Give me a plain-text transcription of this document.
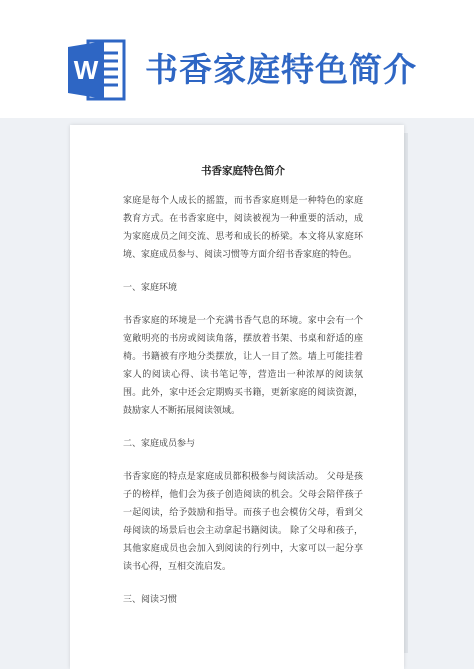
W 书香家庭特色简介
书香家庭特色简介
家庭是每个人成长的摇篮，而书香家庭则是一种特色的家庭教育方式。在书香家庭中，阅读被视为一种重要的活动，成为家庭成员之间交流、思考和成长的桥梁。本文将从家庭环境、家庭成员参与、阅读习惯等方面介绍书香家庭的特色。
一、家庭环境
书香家庭的环境是一个充满书香气息的环境。家中会有一个宽敞明亮的书房或阅读角落，摆放着书架、书桌和舒适的座椅。书籍被有序地分类摆放，让人一目了然。墙上可能挂着家人的阅读心得、读书笔记等，营造出一种浓厚的阅读氛围。此外，家中还会定期购买书籍，更新家庭的阅读资源，鼓励家人不断拓展阅读领域。
二、家庭成员参与
书香家庭的特点是家庭成员都积极参与阅读活动。 父母是孩子的榜样，他们会为孩子创造阅读的机会。父母会陪伴孩子一起阅读，给予鼓励和指导。而孩子也会模仿父母，看到父母阅读的场景后也会主动拿起书籍阅读。 除了父母和孩子，其他家庭成员也会加入到阅读的行列中，大家可以一起分享读书心得，互相交流启发。
三、阅读习惯
